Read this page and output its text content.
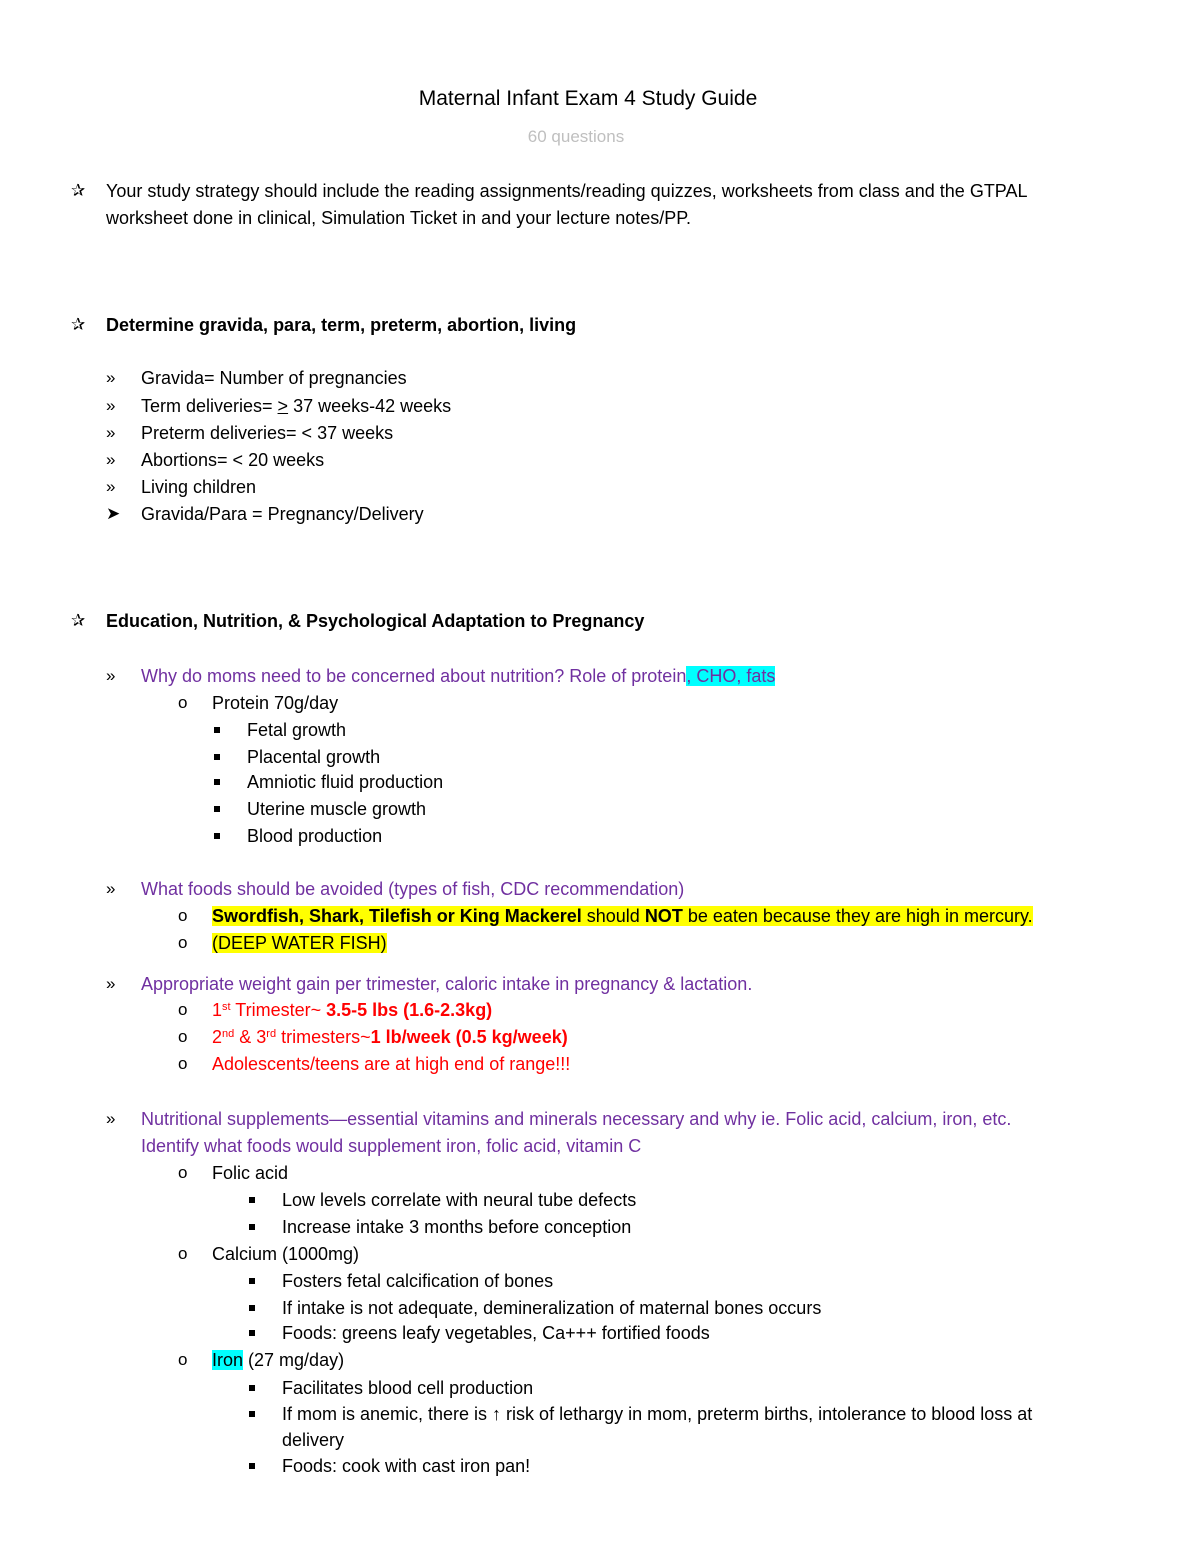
Maternal Infant Exam 4 Study Guide
60 questions
✰ Your study strategy should include the reading assignments/reading quizzes, worksheets from class and the GTPAL
worksheet done in clinical, Simulation Ticket in and your lecture notes/PP.
✰ Determine gravida, para, term, preterm, abortion, living
» Gravida= Number of pregnancies
» Term deliveries= ≥ 37 weeks-42 weeks
» Preterm deliveries= < 37 weeks
» Abortions= < 20 weeks
» Living children
➤ Gravida/Para = Pregnancy/Delivery
✰ Education, Nutrition, & Psychological Adaptation to Pregnancy
» Why do moms need to be concerned about nutrition? Role of protein, CHO, fats
o Protein 70g/day
Fetal growth
Placental growth
Amniotic fluid production
Uterine muscle growth
Blood production
» What foods should be avoided (types of fish, CDC recommendation)
o Swordfish, Shark, Tilefish or King Mackerel should NOT be eaten because they are high in mercury.
o (DEEP WATER FISH)
» Appropriate weight gain per trimester, caloric intake in pregnancy & lactation.
o 1st Trimester~ 3.5-5 lbs (1.6-2.3kg)
o 2nd & 3rd trimesters~1 lb/week (0.5 kg/week)
o Adolescents/teens are at high end of range!!!
» Nutritional supplements—essential vitamins and minerals necessary and why ie. Folic acid, calcium, iron, etc.
Identify what foods would supplement iron, folic acid, vitamin C
o Folic acid
Low levels correlate with neural tube defects
Increase intake 3 months before conception
o Calcium (1000mg)
Fosters fetal calcification of bones
If intake is not adequate, demineralization of maternal bones occurs
Foods: greens leafy vegetables, Ca+++ fortified foods
o Iron (27 mg/day)
Facilitates blood cell production
If mom is anemic, there is ↑ risk of lethargy in mom, preterm births, intolerance to blood loss at
delivery
Foods: cook with cast iron pan!
